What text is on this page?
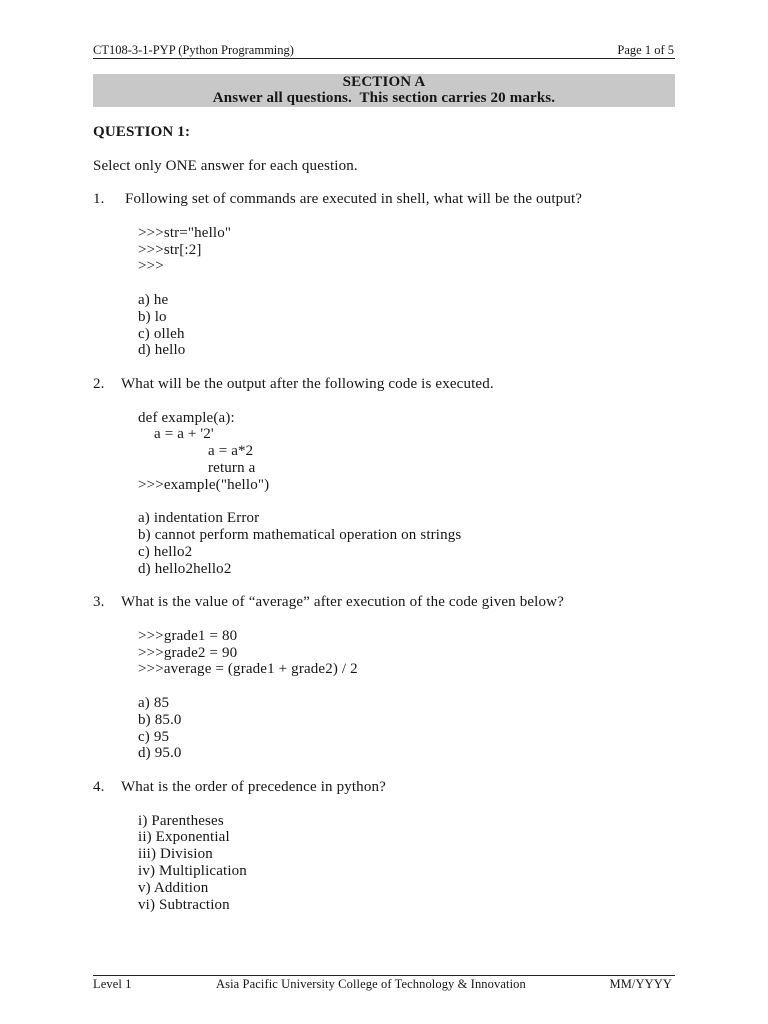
CT108-3-1-PYP (Python Programming)	Page 1 of 5
SECTION A
Answer all questions.  This section carries 20 marks.
QUESTION 1:
Select only ONE answer for each question.
1.	Following set of commands are executed in shell, what will be the output?
>>>str="hello"
>>>str[:2]
>>>
a) he
b) lo
c) olleh
d) hello
2.	What will be the output after the following code is executed.
def example(a):
a = a + '2'
a = a*2
return a
>>>example("hello")
a) indentation Error
b) cannot perform mathematical operation on strings
c) hello2
d) hello2hello2
3.	What is the value of “average” after execution of the code given below?
>>>grade1 = 80
>>>grade2 = 90
>>>average = (grade1 + grade2) / 2
a) 85
b) 85.0
c) 95
d) 95.0
4.	What is the order of precedence in python?
i) Parentheses
ii) Exponential
iii) Division
iv) Multiplication
v) Addition
vi) Subtraction
Level 1	Asia Pacific University College of Technology & Innovation	MM/YYYY
